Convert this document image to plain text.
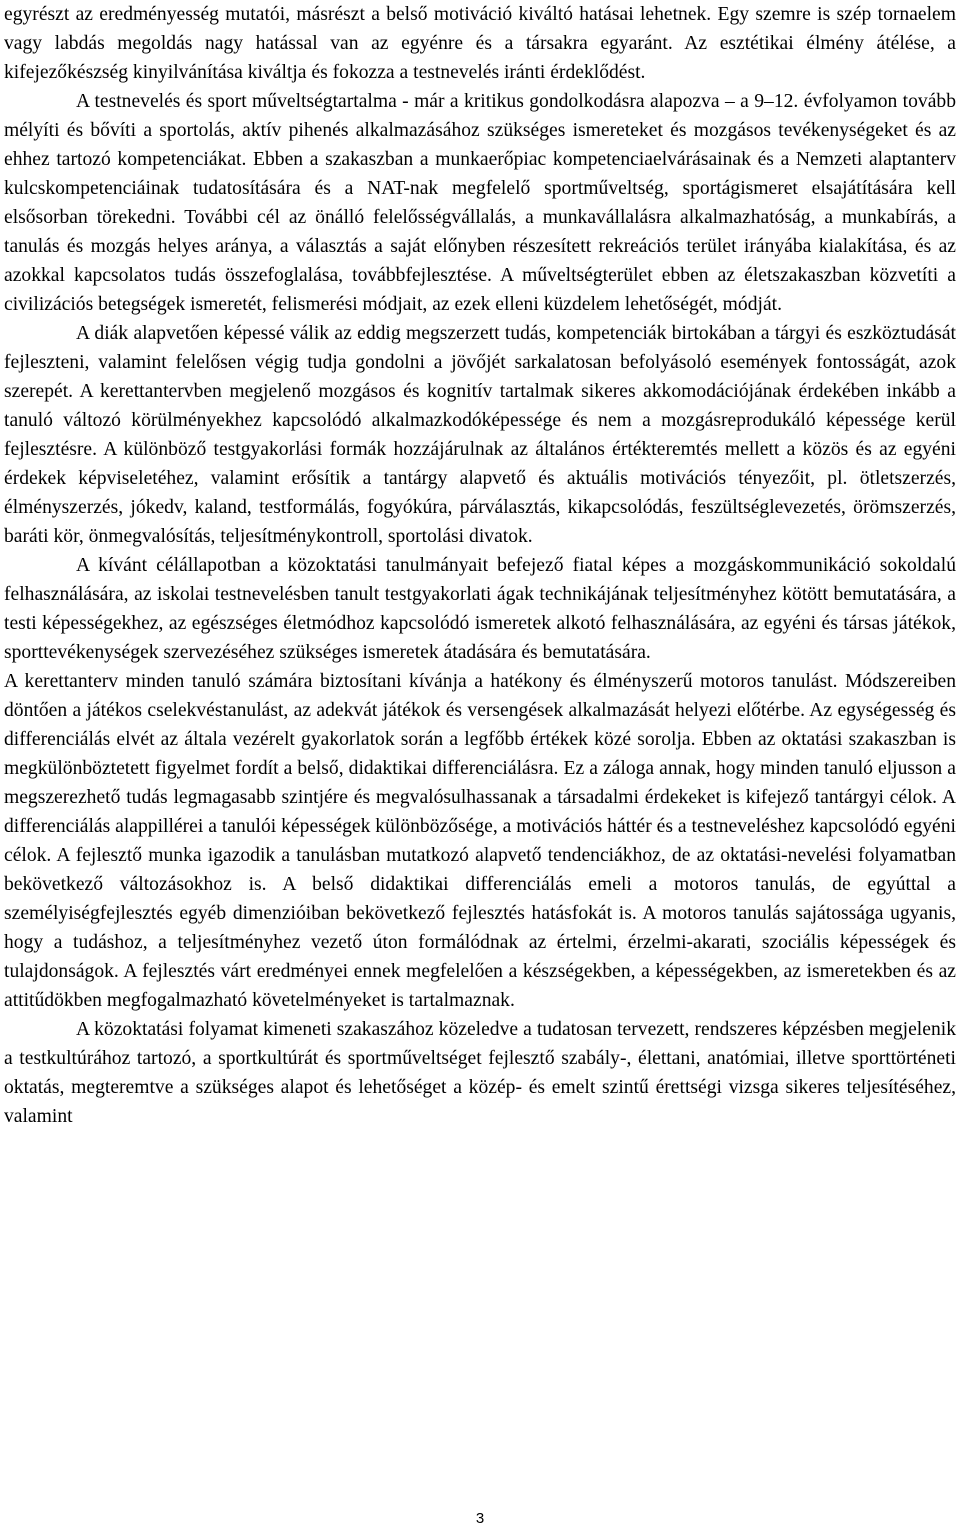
egyrészt az eredményesség mutatói, másrészt a belső motiváció kiváltó hatásai lehetnek. Egy szemre is szép tornaelem vagy labdás megoldás nagy hatással van az egyénre és a társakra egyaránt. Az esztétikai élmény átélése, a kifejezőkészség kinyilvánítása kiváltja és fokozza a testnevelés iránti érdeklődést.

A testnevelés és sport műveltségtartalma - már a kritikus gondolkodásra alapozva – a 9–12. évfolyamon tovább mélyíti és bővíti a sportolás, aktív pihenés alkalmazásához szükséges ismereteket és mozgásos tevékenységeket és az ehhez tartozó kompetenciákat. Ebben a szakaszban a munkaerőpiac kompetenciaelvárásainak és a Nemzeti alaptanterv kulcskompetenciáinak tudatosítására és a NAT-nak megfelelő sportműveltség, sportágismeret elsajátítására kell elsősorban törekedni. További cél az önálló felelősségvállalás, a munkavállalásra alkalmazhatóság, a munkabírás, a tanulás és mozgás helyes aránya, a választás a saját előnyben részesített rekreációs terület irányába kialakítása, és az azokkal kapcsolatos tudás összefoglalása, továbbfejlesztése. A műveltségterület ebben az életszakaszban közvetíti a civilizációs betegségek ismeretét, felismerési módjait, az ezek elleni küzdelem lehetőségét, módját.

A diák alapvetően képessé válik az eddig megszerzett tudás, kompetenciák birtokában a tárgyi és eszköztudását fejleszteni, valamint felelősen végig tudja gondolni a jövőjét sarkalatosan befolyásoló események fontosságát, azok szerepét. A kerettantervben megjelenő mozgásos és kognitív tartalmak sikeres akkomodációjának érdekében inkább a tanuló változó körülményekhez kapcsolódó alkalmazkodóképessége és nem a mozgásreprodukáló képessége kerül fejlesztésre. A különböző testgyakorlási formák hozzájárulnak az általános értékteremtés mellett a közös és az egyéni érdekek képviseletéhez, valamint erősítik a tantárgy alapvető és aktuális motivációs tényezőit, pl. ötletszerzés, élményszerzés, jókedv, kaland, testformálás, fogyókúra, párválasztás, kikapcsolódás, feszültséglevezetés, örömszerzés, baráti kör, önmegvalósítás, teljesítménykontroll, sportolási divatok.

A kívánt célállapotban a közoktatási tanulmányait befejező fiatal képes a mozgáskommunikáció sokoldalú felhasználására, az iskolai testnevelésben tanult testgyakorlati ágak technikájának teljesítményhez kötött bemutatására, a testi képességekhez, az egészséges életmódhoz kapcsolódó ismeretek alkotó felhasználására, az egyéni és társas játékok, sporttevékenységek szervezéséhez szükséges ismeretek átadására és bemutatására.

A kerettanterv minden tanuló számára biztosítani kívánja a hatékony és élményszerű motoros tanulást. Módszereiben döntően a játékos cselekvéstanulást, az adekvát játékok és versengések alkalmazását helyezi előtérbe. Az egységesség és differenciálás elvét az általa vezérelt gyakorlatok során a legfőbb értékek közé sorolja. Ebben az oktatási szakaszban is megkülönböztetett figyelmet fordít a belső, didaktikai differenciálásra. Ez a záloga annak, hogy minden tanuló eljusson a megszerezhető tudás legmagasabb szintjére és megvalósulhassanak a társadalmi érdekeket is kifejező tantárgyi célok. A differenciálás alappillérei a tanulói képességek különbözősége, a motivációs háttér és a testneveléshez kapcsolódó egyéni célok. A fejlesztő munka igazodik a tanulásban mutatkozó alapvető tendenciákhoz, de az oktatási-nevelési folyamatban bekövetkező változásokhoz is. A belső didaktikai differenciálás emeli a motoros tanulás, de egyúttal a személyiségfejlesztés egyéb dimenzióiban bekövetkező fejlesztés hatásfokát is. A motoros tanulás sajátossága ugyanis, hogy a tudáshoz, a teljesítményhez vezető úton formálódnak az értelmi, érzelmi-akarati, szociális képességek és tulajdonságok. A fejlesztés várt eredményei ennek megfelelően a készségekben, a képességekben, az ismeretekben és az attitűdökben megfogalmazható követelményeket is tartalmaznak.

A közoktatási folyamat kimeneti szakaszához közeledve a tudatosan tervezett, rendszeres képzésben megjelenik a testkultúrához tartozó, a sportkultúrát és sportműveltséget fejlesztő szabály-, élettani, anatómiai, illetve sporttörténeti oktatás, megteremtve a szükséges alapot és lehetőséget a közép- és emelt szintű érettségi vizsga sikeres teljesítéséhez, valamint

3
